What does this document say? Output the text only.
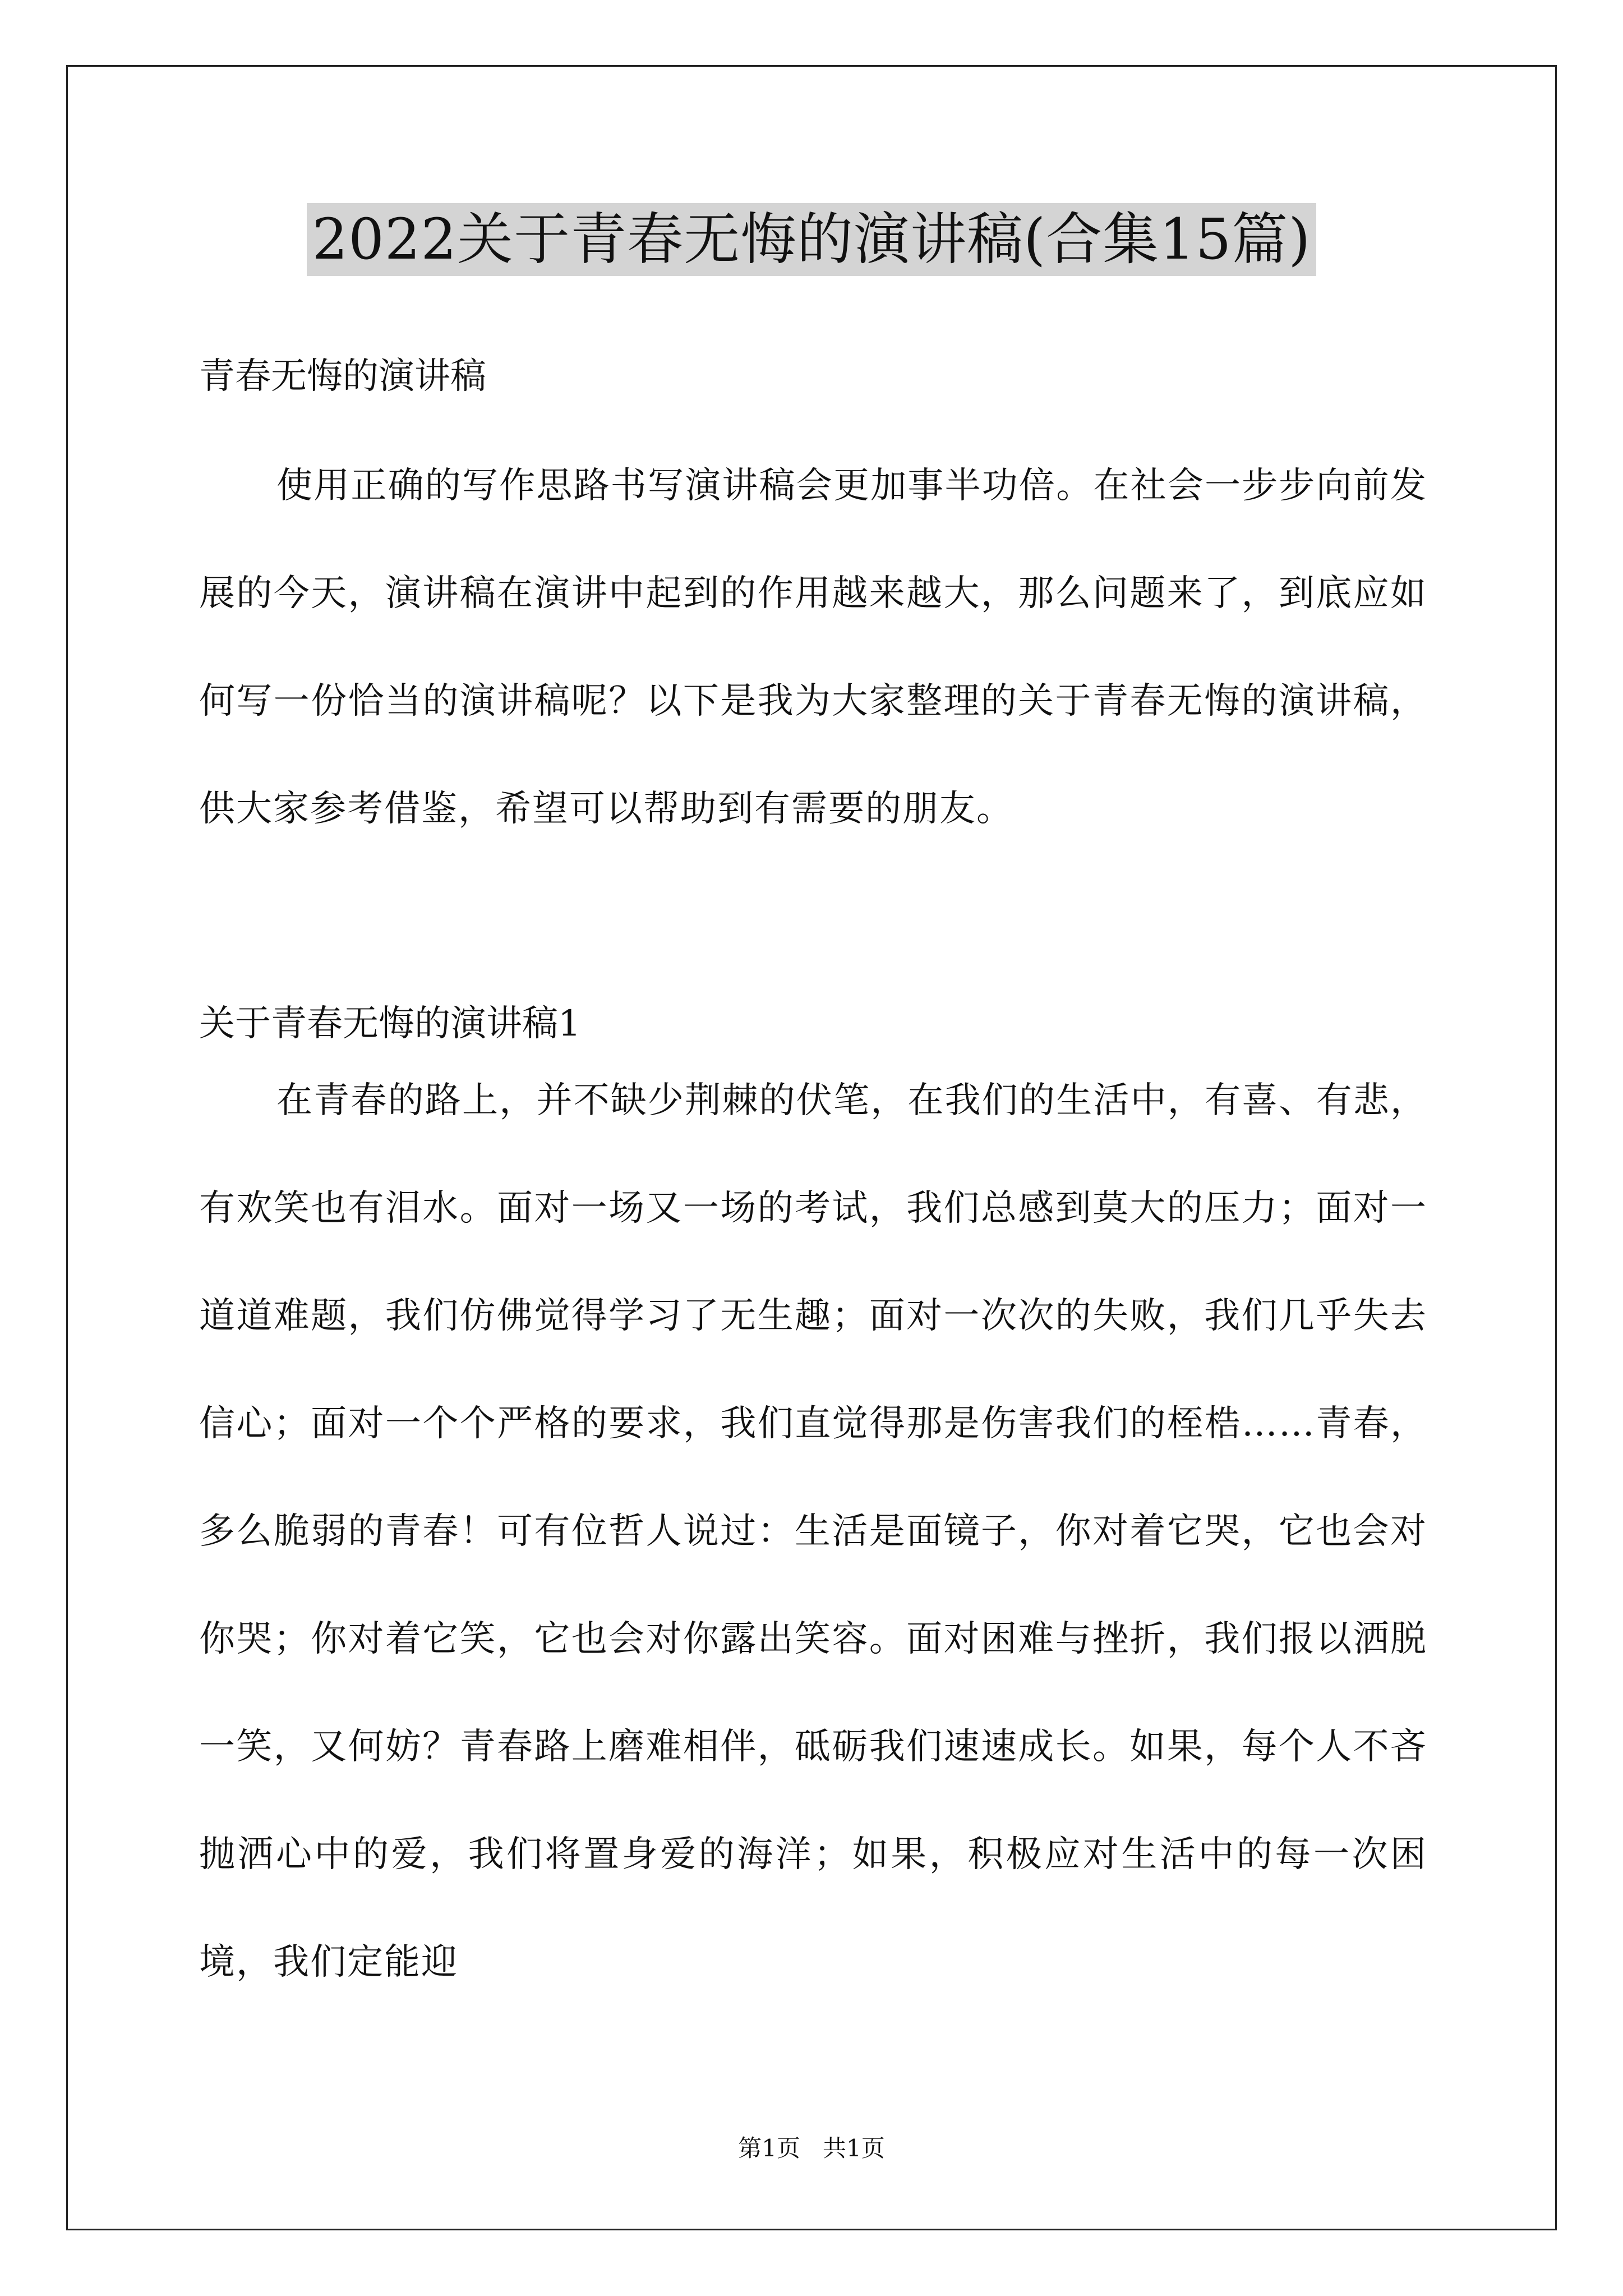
2022关于青春无悔的演讲稿(合集15篇)
青春无悔的演讲稿

使用正确的写作思路书写演讲稿会更加事半功倍。在社会一步步向前发展的今天，演讲稿在演讲中起到的作用越来越大，那么问题来了，到底应如何写一份恰当的演讲稿呢？以下是我为大家整理的关于青春无悔的演讲稿，供大家参考借鉴，希望可以帮助到有需要的朋友。

关于青春无悔的演讲稿1

在青春的路上，并不缺少荆棘的伏笔，在我们的生活中，有喜、有悲，有欢笑也有泪水。面对一场又一场的考试，我们总感到莫大的压力；面对一道道难题，我们仿佛觉得学习了无生趣；面对一次次的失败，我们几乎失去信心；面对一个个严格的要求，我们直觉得那是伤害我们的桎梏……青春，多么脆弱的青春！可有位哲人说过：生活是面镜子，你对着它哭，它也会对你哭；你对着它笑，它也会对你露出笑容。面对困难与挫折，我们报以洒脱一笑，又何妨？青春路上磨难相伴，砥砺我们速速成长。如果，每个人不吝抛洒心中的爱，我们将置身爱的海洋；如果，积极应对生活中的每一次困境，我们定能迎

第1页   共1页
